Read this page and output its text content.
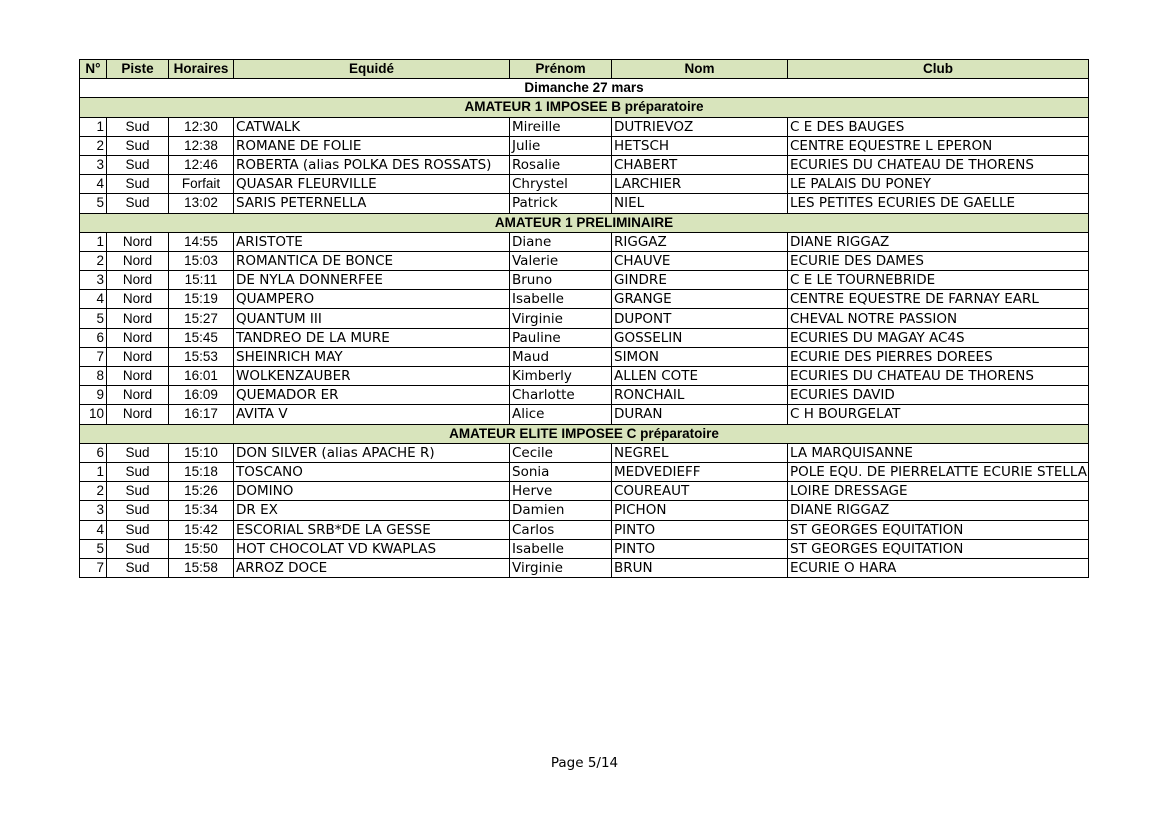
N°	Piste	Horaires	Equidé	Prénom	Nom	Club
Dimanche 27 mars						
AMATEUR 1 IMPOSEE B préparatoire						
1	Sud	12:30	CATWALK	Mireille	DUTRIEVOZ	C E DES BAUGES
2	Sud	12:38	ROMANE DE FOLIE	Julie	HETSCH	CENTRE EQUESTRE L EPERON
3	Sud	12:46	ROBERTA (alias POLKA DES ROSSATS)	Rosalie	CHABERT	ECURIES DU CHATEAU DE THORENS
4	Sud	Forfait	QUASAR FLEURVILLE	Chrystel	LARCHIER	LE PALAIS DU PONEY
5	Sud	13:02	SARIS PETERNELLA	Patrick	NIEL	LES PETITES ECURIES DE GAELLE
AMATEUR 1 PRELIMINAIRE						
1	Nord	14:55	ARISTOTE	Diane	RIGGAZ	DIANE RIGGAZ
2	Nord	15:03	ROMANTICA DE BONCE	Valerie	CHAUVE	ECURIE DES DAMES
3	Nord	15:11	DE NYLA DONNERFEE	Bruno	GINDRE	C E LE TOURNEBRIDE
4	Nord	15:19	QUAMPERO	Isabelle	GRANGE	CENTRE EQUESTRE DE FARNAY EARL
5	Nord	15:27	QUANTUM III	Virginie	DUPONT	CHEVAL NOTRE PASSION
6	Nord	15:45	TANDREO DE LA MURE	Pauline	GOSSELIN	ECURIES DU MAGAY AC4S
7	Nord	15:53	SHEINRICH MAY	Maud	SIMON	ECURIE DES PIERRES DOREES
8	Nord	16:01	WOLKENZAUBER	Kimberly	ALLEN COTE	ECURIES DU CHATEAU DE THORENS
9	Nord	16:09	QUEMADOR ER	Charlotte	RONCHAIL	ECURIES DAVID
10	Nord	16:17	AVITA V	Alice	DURAN	C H BOURGELAT
AMATEUR ELITE IMPOSEE C préparatoire						
6	Sud	15:10	DON SILVER (alias APACHE R)	Cecile	NEGREL	LA MARQUISANNE
1	Sud	15:18	TOSCANO	Sonia	MEDVEDIEFF	POLE EQU. DE PIERRELATTE ECURIE STELLA
2	Sud	15:26	DOMINO	Herve	COUREAUT	LOIRE DRESSAGE
3	Sud	15:34	DR EX	Damien	PICHON	DIANE RIGGAZ
4	Sud	15:42	ESCORIAL SRB*DE LA GESSE	Carlos	PINTO	ST GEORGES EQUITATION
5	Sud	15:50	HOT CHOCOLAT VD KWAPLAS	Isabelle	PINTO	ST GEORGES EQUITATION
7	Sud	15:58	ARROZ DOCE	Virginie	BRUN	ECURIE O HARA
Page 5/14
